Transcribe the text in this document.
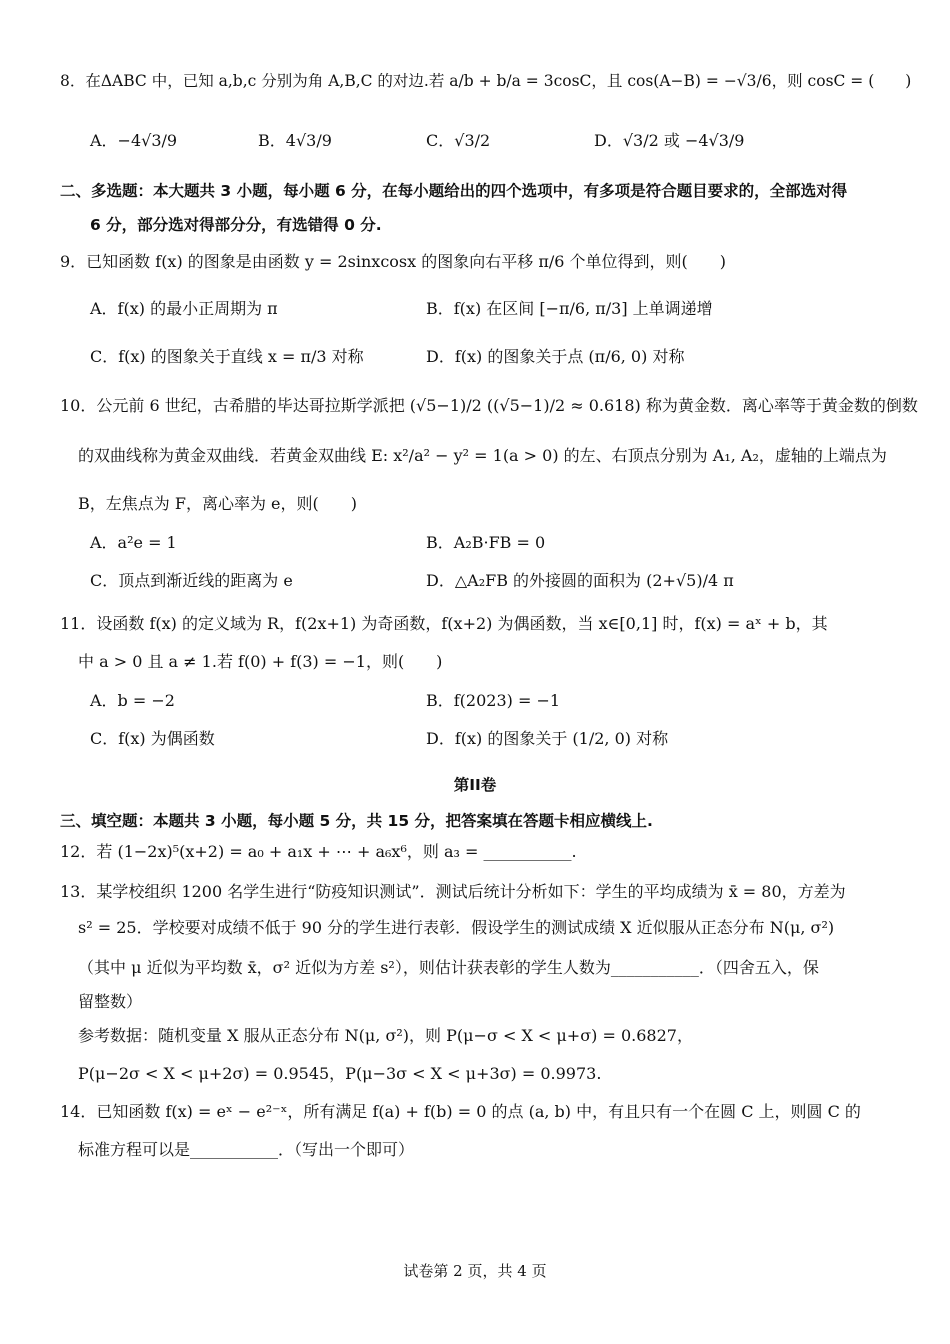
8．在ΔABC 中，已知 a,b,c 分别为角 A,B,C 的对边.若 a/b + b/a = 3cosC，且 cos(A−B) = −√3/6，则 cosC = (　　)
A．−4√3/9	B．4√3/9	C．√3/2	D．√3/2 或 −4√3/9
二、多选题：本大题共 3 小题，每小题 6 分，在每小题给出的四个选项中，有多项是符合题目要求的，全部选对得
6 分，部分选对得部分分，有选错得 0 分.
9．已知函数 f(x) 的图象是由函数 y = 2sinxcosx 的图象向右平移 π/6 个单位得到，则(　　)
A．f(x) 的最小正周期为 π	B．f(x) 在区间 [−π/6, π/3] 上单调递增
C．f(x) 的图象关于直线 x = π/3 对称	D．f(x) 的图象关于点 (π/6, 0) 对称
10．公元前 6 世纪，古希腊的毕达哥拉斯学派把 (√5−1)/2 ((√5−1)/2 ≈ 0.618) 称为黄金数．离心率等于黄金数的倒数
的双曲线称为黄金双曲线．若黄金双曲线 E: x²/a² − y² = 1(a > 0) 的左、右顶点分别为 A₁, A₂，虚轴的上端点为
B，左焦点为 F，离心率为 e，则(　　)
A．a²e = 1	B．A₂B·FB = 0
C．顶点到渐近线的距离为 e	D．△A₂FB 的外接圆的面积为 (2+√5)/4 π
11．设函数 f(x) 的定义域为 R，f(2x+1) 为奇函数，f(x+2) 为偶函数，当 x∈[0,1] 时，f(x) = aˣ + b，其
中 a > 0 且 a ≠ 1.若 f(0) + f(3) = −1，则(　　)
A．b = −2	B．f(2023) = −1
C．f(x) 为偶函数	D．f(x) 的图象关于 (1/2, 0) 对称
第II卷
三、填空题：本题共 3 小题，每小题 5 分，共 15 分，把答案填在答题卡相应横线上.
12．若 (1−2x)⁵(x+2) = a₀ + a₁x + ⋯ + a₆x⁶，则 a₃ = ___________.
13．某学校组织 1200 名学生进行“防疫知识测试”．测试后统计分析如下：学生的平均成绩为 x̄ = 80，方差为
s² = 25．学校要对成绩不低于 90 分的学生进行表彰．假设学生的测试成绩 X 近似服从正态分布 N(μ, σ²)
（其中 μ 近似为平均数 x̄，σ² 近似为方差 s²），则估计获表彰的学生人数为___________．（四舍五入，保
留整数）
参考数据：随机变量 X 服从正态分布 N(μ, σ²)，则 P(μ−σ < X < μ+σ) = 0.6827，
P(μ−2σ < X < μ+2σ) = 0.9545，P(μ−3σ < X < μ+3σ) = 0.9973.
14．已知函数 f(x) = eˣ − e²⁻ˣ，所有满足 f(a) + f(b) = 0 的点 (a, b) 中，有且只有一个在圆 C 上，则圆 C 的
标准方程可以是___________．（写出一个即可）
试卷第 2 页，共 4 页
